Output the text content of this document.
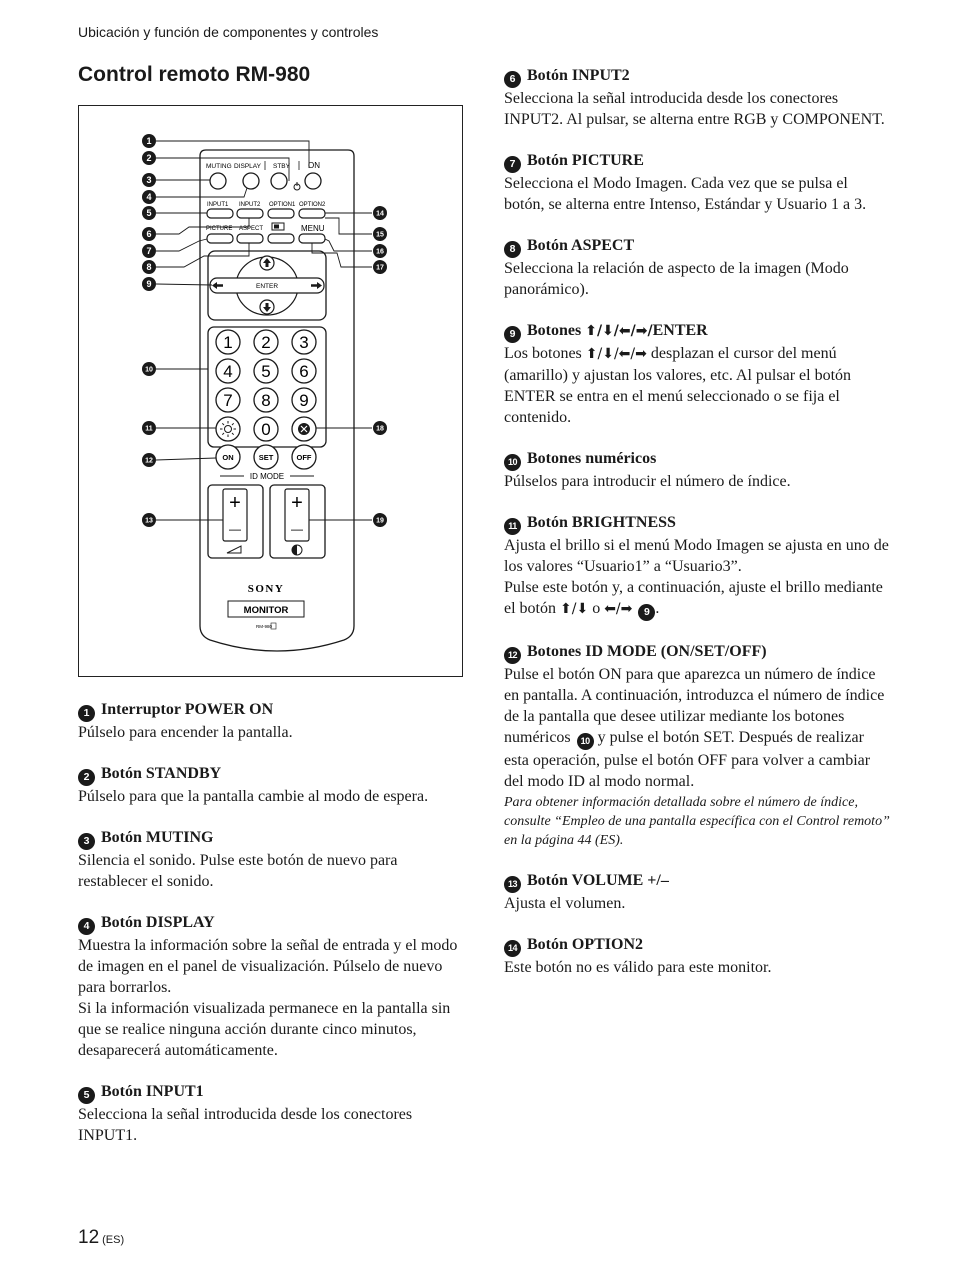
Ubicación y función de componentes y controles
Control remoto RM-980
MUTING DISPLAY STBY ON
INPUT1 INPUT2 OPTION1 OPTION2
PICTURE ASPECT	MENU
ENTER
1 2 3
4 5 6
7 8 9
0
ON	SET	OFF
ID MODE
+
—
+
—
SONY
MONITOR
RM-980
1
2
3
4
5
6
7
8
9
10
11
12
13
14
15
16
17
18
19
1 Interruptor POWER ON
Púlselo para encender la pantalla.
2 Botón STANDBY
Púlselo para que la pantalla cambie al modo de espera.
3 Botón MUTING
Silencia el sonido. Pulse este botón de nuevo para restablecer el sonido.
4 Botón DISPLAY
Muestra la información sobre la señal de entrada y el modo de imagen en el panel de visualización. Púlselo de nuevo para borrarlos.
Si la información visualizada permanece en la pantalla sin que se realice ninguna acción durante cinco minutos, desaparecerá automáticamente.
5 Botón INPUT1
Selecciona la señal introducida desde los conectores INPUT1.
6 Botón INPUT2
Selecciona la señal introducida desde los conectores INPUT2. Al pulsar, se alterna entre RGB y COMPONENT.
7 Botón PICTURE
Selecciona el Modo Imagen. Cada vez que se pulsa el botón, se alterna entre Intenso, Estándar y Usuario 1 a 3.
8 Botón ASPECT
Selecciona la relación de aspecto de la imagen (Modo panorámico).
9 Botones ⬆/⬇/⬅/➡/ENTER
Los botones ⬆/⬇/⬅/➡ desplazan el cursor del menú (amarillo) y ajustan los valores, etc. Al pulsar el botón ENTER se entra en el menú seleccionado o se fija el contenido.
10 Botones numéricos
Púlselos para introducir el número de índice.
11 Botón BRIGHTNESS
Ajusta el brillo si el menú Modo Imagen se ajusta en uno de los valores “Usuario1” a “Usuario3”.
Pulse este botón y, a continuación, ajuste el brillo mediante el botón ⬆/⬇ o ⬅/➡ 9 .
12 Botones ID MODE (ON/SET/OFF)
Pulse el botón ON para que aparezca un número de índice en pantalla. A continuación, introduzca el número de índice de la pantalla que desee utilizar mediante los botones numéricos 10 y pulse el botón SET. Después de realizar esta operación, pulse el botón OFF para volver a cambiar del modo ID al modo normal.
Para obtener información detallada sobre el número de índice, consulte “Empleo de una pantalla específica con el Control remoto” en la página 44 (ES).
13 Botón VOLUME +/–
Ajusta el volumen.
14 Botón OPTION2
Este botón no es válido para este monitor.
12 (ES)
